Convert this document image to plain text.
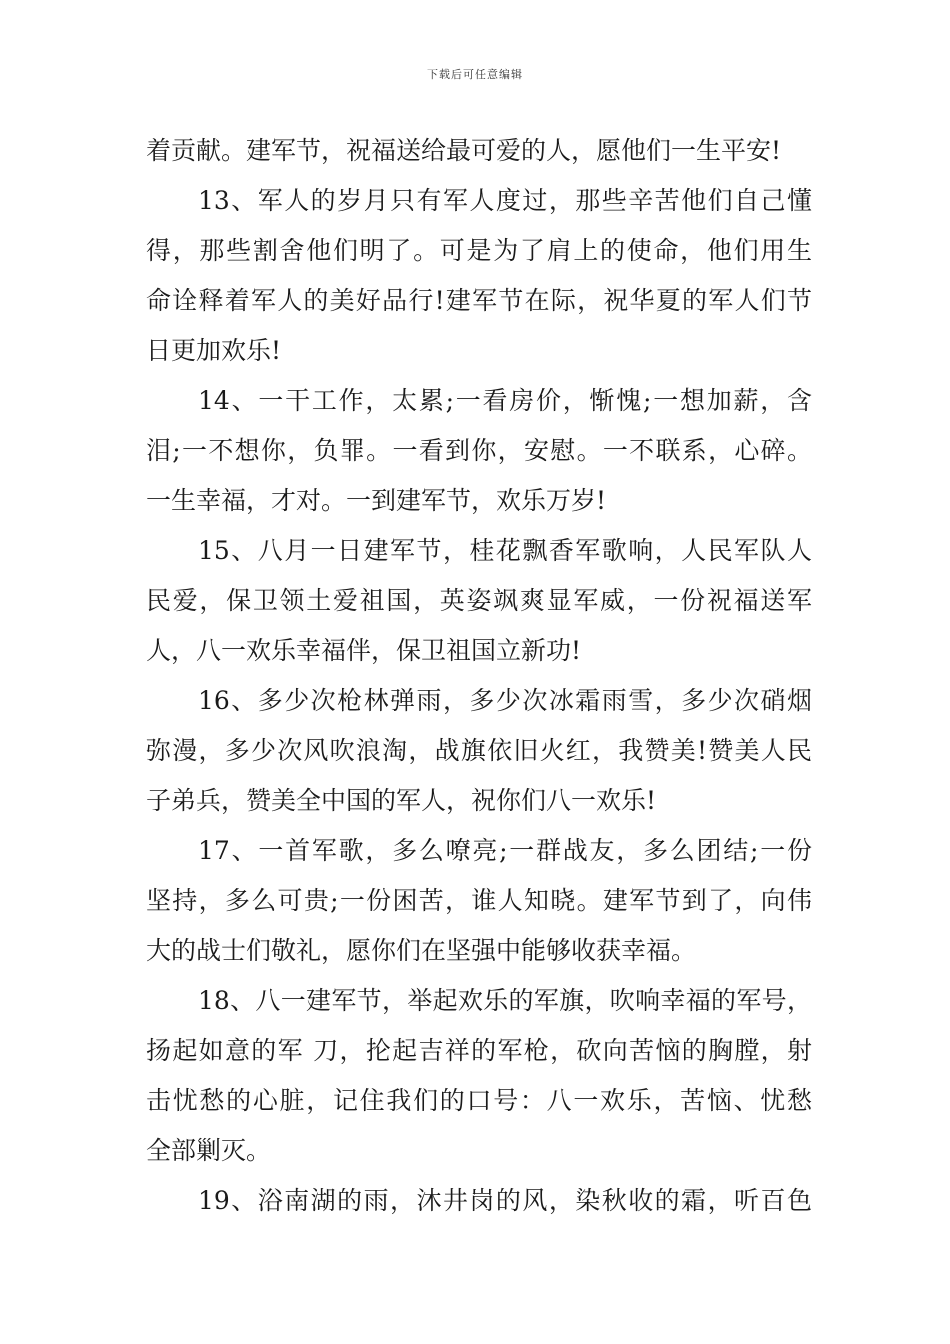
下载后可任意编辑
着贡献。建军节，祝福送给最可爱的人，愿他们一生平安!
13、军人的岁月只有军人度过，那些辛苦他们自己懂
得，那些割舍他们明了。可是为了肩上的使命，他们用生
命诠释着军人的美好品行!建军节在际，祝华夏的军人们节
日更加欢乐!
14、一干工作，太累;一看房价，惭愧;一想加薪，含
泪;一不想你，负罪。一看到你，安慰。一不联系，心碎。
一生幸福，才对。一到建军节，欢乐万岁!
15、八月一日建军节，桂花飘香军歌响，人民军队人
民爱，保卫领土爱祖国，英姿飒爽显军威，一份祝福送军
人，八一欢乐幸福伴，保卫祖国立新功!
16、多少次枪林弹雨，多少次冰霜雨雪，多少次硝烟
弥漫，多少次风吹浪淘，战旗依旧火红，我赞美!赞美人民
子弟兵，赞美全中国的军人，祝你们八一欢乐!
17、一首军歌，多么嘹亮;一群战友，多么团结;一份
坚持，多么可贵;一份困苦，谁人知晓。建军节到了，向伟
大的战士们敬礼，愿你们在坚强中能够收获幸福。
18、八一建军节，举起欢乐的军旗，吹响幸福的军号，
扬起如意的军 刀，抡起吉祥的军枪，砍向苦恼的胸膛，射
击忧愁的心脏，记住我们的口号：八一欢乐，苦恼、忧愁
全部剿灭。
19、浴南湖的雨，沐井岗的风，染秋收的霜，听百色
